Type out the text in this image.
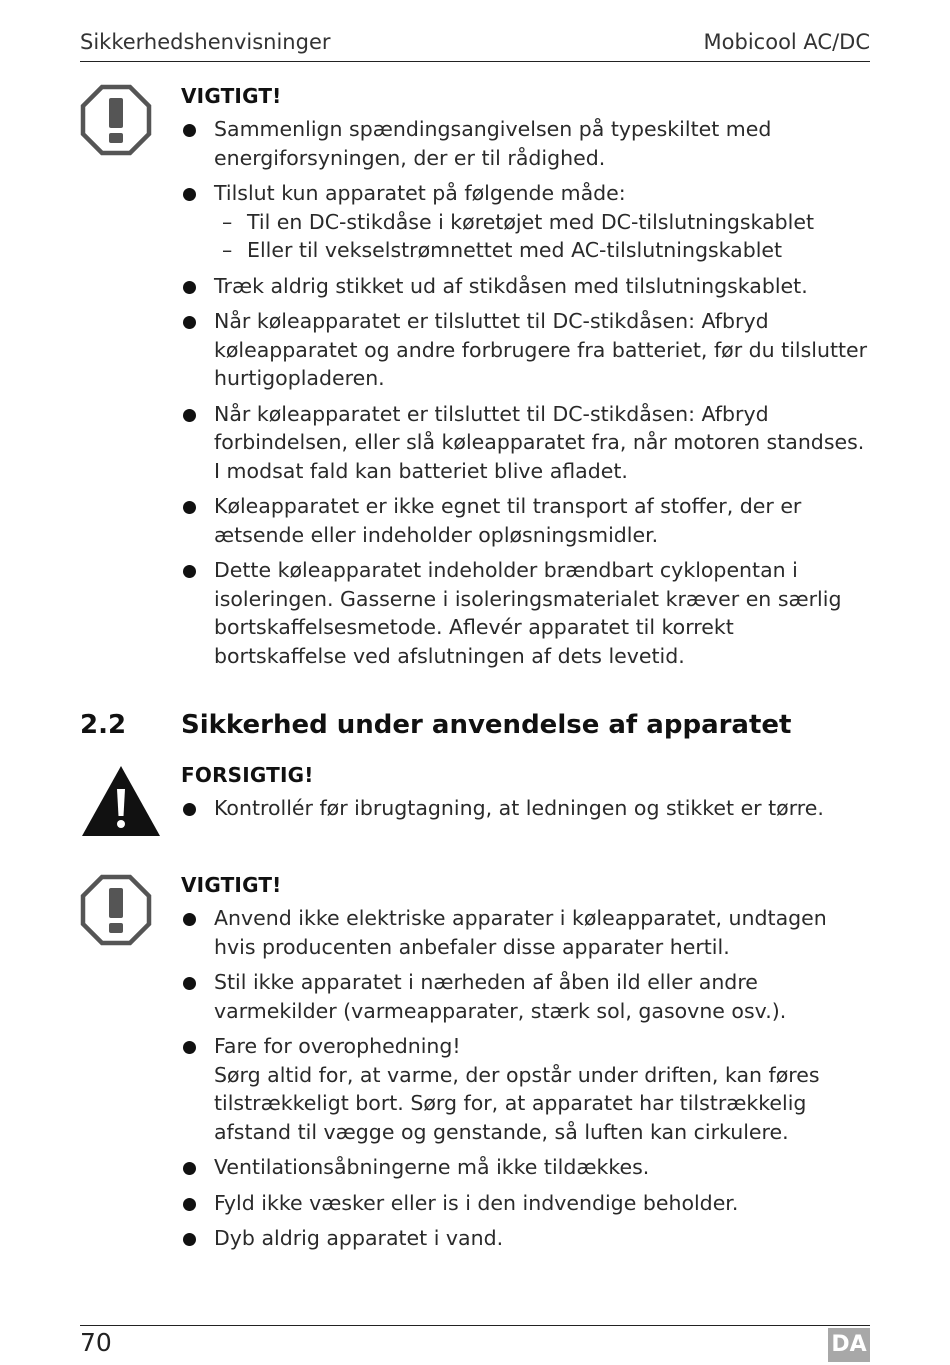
Sikkerhedshenvisninger	Mobicool AC/DC
VIGTIGT!
Sammenlign spændingsangivelsen på typeskiltet med energiforsyningen, der er til rådighed.
Tilslut kun apparatet på følgende måde:
– Til en DC-stikdåse i køretøjet med DC-tilslutningskablet
– Eller til vekselstrømnettet med AC-tilslutningskablet
Træk aldrig stikket ud af stikdåsen med tilslutningskablet.
Når køleapparatet er tilsluttet til DC-stikdåsen: Afbryd køleapparatet og andre forbrugere fra batteriet, før du tilslutter hurtigopladeren.
Når køleapparatet er tilsluttet til DC-stikdåsen: Afbryd forbindelsen, eller slå køleapparatet fra, når motoren standses. I modsat fald kan batteriet blive afladet.
Køleapparatet er ikke egnet til transport af stoffer, der er ætsende eller indeholder opløsningsmidler.
Dette køleapparatet indeholder brændbart cyklopentan i isoleringen. Gasserne i isoleringsmaterialet kræver en særlig bortskaffelsesmetode. Aflevér apparatet til korrekt bortskaffelse ved afslutningen af dets levetid.
2.2 Sikkerhed under anvendelse af apparatet
FORSIGTIG!
Kontrollér før ibrugtagning, at ledningen og stikket er tørre.
VIGTIGT!
Anvend ikke elektriske apparater i køleapparatet, undtagen hvis producenten anbefaler disse apparater hertil.
Stil ikke apparatet i nærheden af åben ild eller andre varmekilder (varmeapparater, stærk sol, gasovne osv.).
Fare for overophedning!
Sørg altid for, at varme, der opstår under driften, kan føres tilstrækkeligt bort. Sørg for, at apparatet har tilstrækkelig afstand til vægge og genstande, så luften kan cirkulere.
Ventilationsåbningerne må ikke tildækkes.
Fyld ikke væsker eller is i den indvendige beholder.
Dyb aldrig apparatet i vand.
70	DA
